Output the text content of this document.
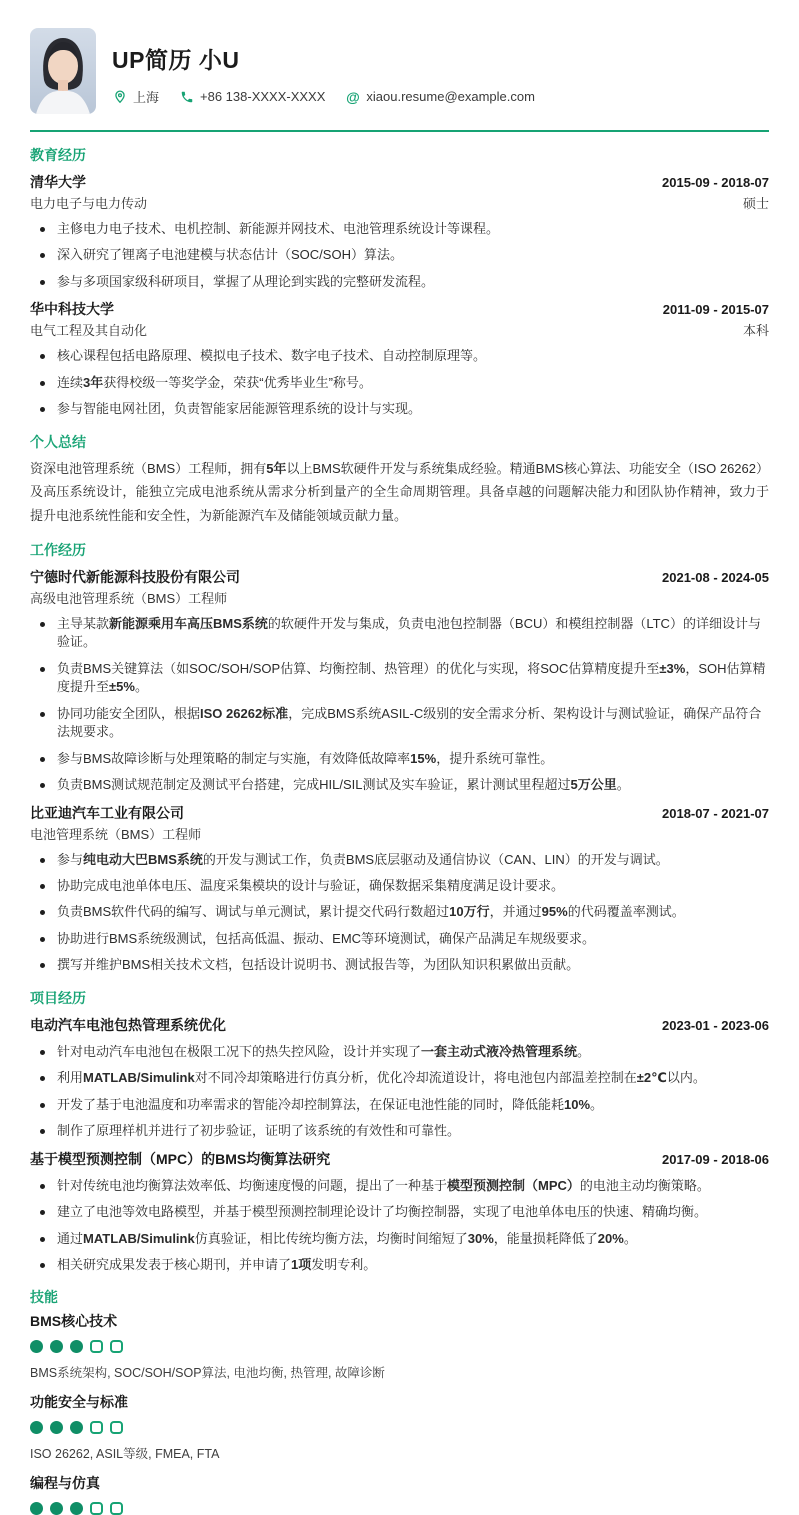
UP简历 小U
上海	+86 138-XXXX-XXXX @ xiaou.resume@example.com
教育经历
清华大学	2015-09 - 2018-07
电力电子与电力传动	硕士
主修电力电子技术、电机控制、新能源并网技术、电池管理系统设计等课程。
深入研究了锂离子电池建模与状态估计（SOC/SOH）算法。
参与多项国家级科研项目，掌握了从理论到实践的完整研发流程。
华中科技大学	2011-09 - 2015-07
电气工程及其自动化	本科
核心课程包括电路原理、模拟电子技术、数字电子技术、自动控制原理等。
连续3年获得校级一等奖学金，荣获“优秀毕业生”称号。
参与智能电网社团，负责智能家居能源管理系统的设计与实现。
个人总结

资深电池管理系统（BMS）工程师，拥有5年以上BMS软硬件开发与系统集成经验。精通BMS核心算法、功能安全（ISO 26262）及高压系统设计，能独立完成电池系统从需求分析到量产的全生命周期管理。具备卓越的问题解决能力和团队协作精神，致力于提升电池系统性能和安全性，为新能源汽车及储能领域贡献力量。

工作经历
宁德时代新能源科技股份有限公司	2021-08 - 2024-05
高级电池管理系统（BMS）工程师
主导某款新能源乘用车高压BMS系统的软硬件开发与集成，负责电池包控制器（BCU）和模组控制器（LTC）的详细设计与验证。
负责BMS关键算法（如SOC/SOH/SOP估算、均衡控制、热管理）的优化与实现，将SOC估算精度提升至±3%，SOH估算精度提升至±5%。
协同功能安全团队，根据ISO 26262标准，完成BMS系统ASIL-C级别的安全需求分析、架构设计与测试验证，确保产品符合法规要求。
参与BMS故障诊断与处理策略的制定与实施，有效降低故障率15%，提升系统可靠性。
负责BMS测试规范制定及测试平台搭建，完成HIL/SIL测试及实车验证，累计测试里程超过5万公里。
比亚迪汽车工业有限公司	2018-07 - 2021-07
电池管理系统（BMS）工程师
参与纯电动大巴BMS系统的开发与测试工作，负责BMS底层驱动及通信协议（CAN、LIN）的开发与调试。
协助完成电池单体电压、温度采集模块的设计与验证，确保数据采集精度满足设计要求。
负责BMS软件代码的编写、调试与单元测试，累计提交代码行数超过10万行，并通过95%的代码覆盖率测试。
协助进行BMS系统级测试，包括高低温、振动、EMC等环境测试，确保产品满足车规级要求。
撰写并维护BMS相关技术文档，包括设计说明书、测试报告等，为团队知识积累做出贡献。
项目经历
电动汽车电池包热管理系统优化	2023-01 - 2023-06
针对电动汽车电池包在极限工况下的热失控风险，设计并实现了一套主动式液冷热管理系统。
利用MATLAB/Simulink对不同冷却策略进行仿真分析，优化冷却流道设计，将电池包内部温差控制在±2℃以内。
开发了基于电池温度和功率需求的智能冷却控制算法，在保证电池性能的同时，降低能耗10%。
制作了原理样机并进行了初步验证，证明了该系统的有效性和可靠性。
基于模型预测控制（MPC）的BMS均衡算法研究	2017-09 - 2018-06
针对传统电池均衡算法效率低、均衡速度慢的问题，提出了一种基于模型预测控制（MPC）的电池主动均衡策略。
建立了电池等效电路模型，并基于模型预测控制理论设计了均衡控制器，实现了电池单体电压的快速、精确均衡。
通过MATLAB/Simulink仿真验证，相比传统均衡方法，均衡时间缩短了30%，能量损耗降低了20%。
相关研究成果发表于核心期刊，并申请了1项发明专利。
技能
BMS核心技术
BMS系统架构, SOC/SOH/SOP算法, 电池均衡, 热管理, 故障诊断
功能安全与标准
ISO 26262, ASIL等级, FMEA, FTA
编程与仿真
